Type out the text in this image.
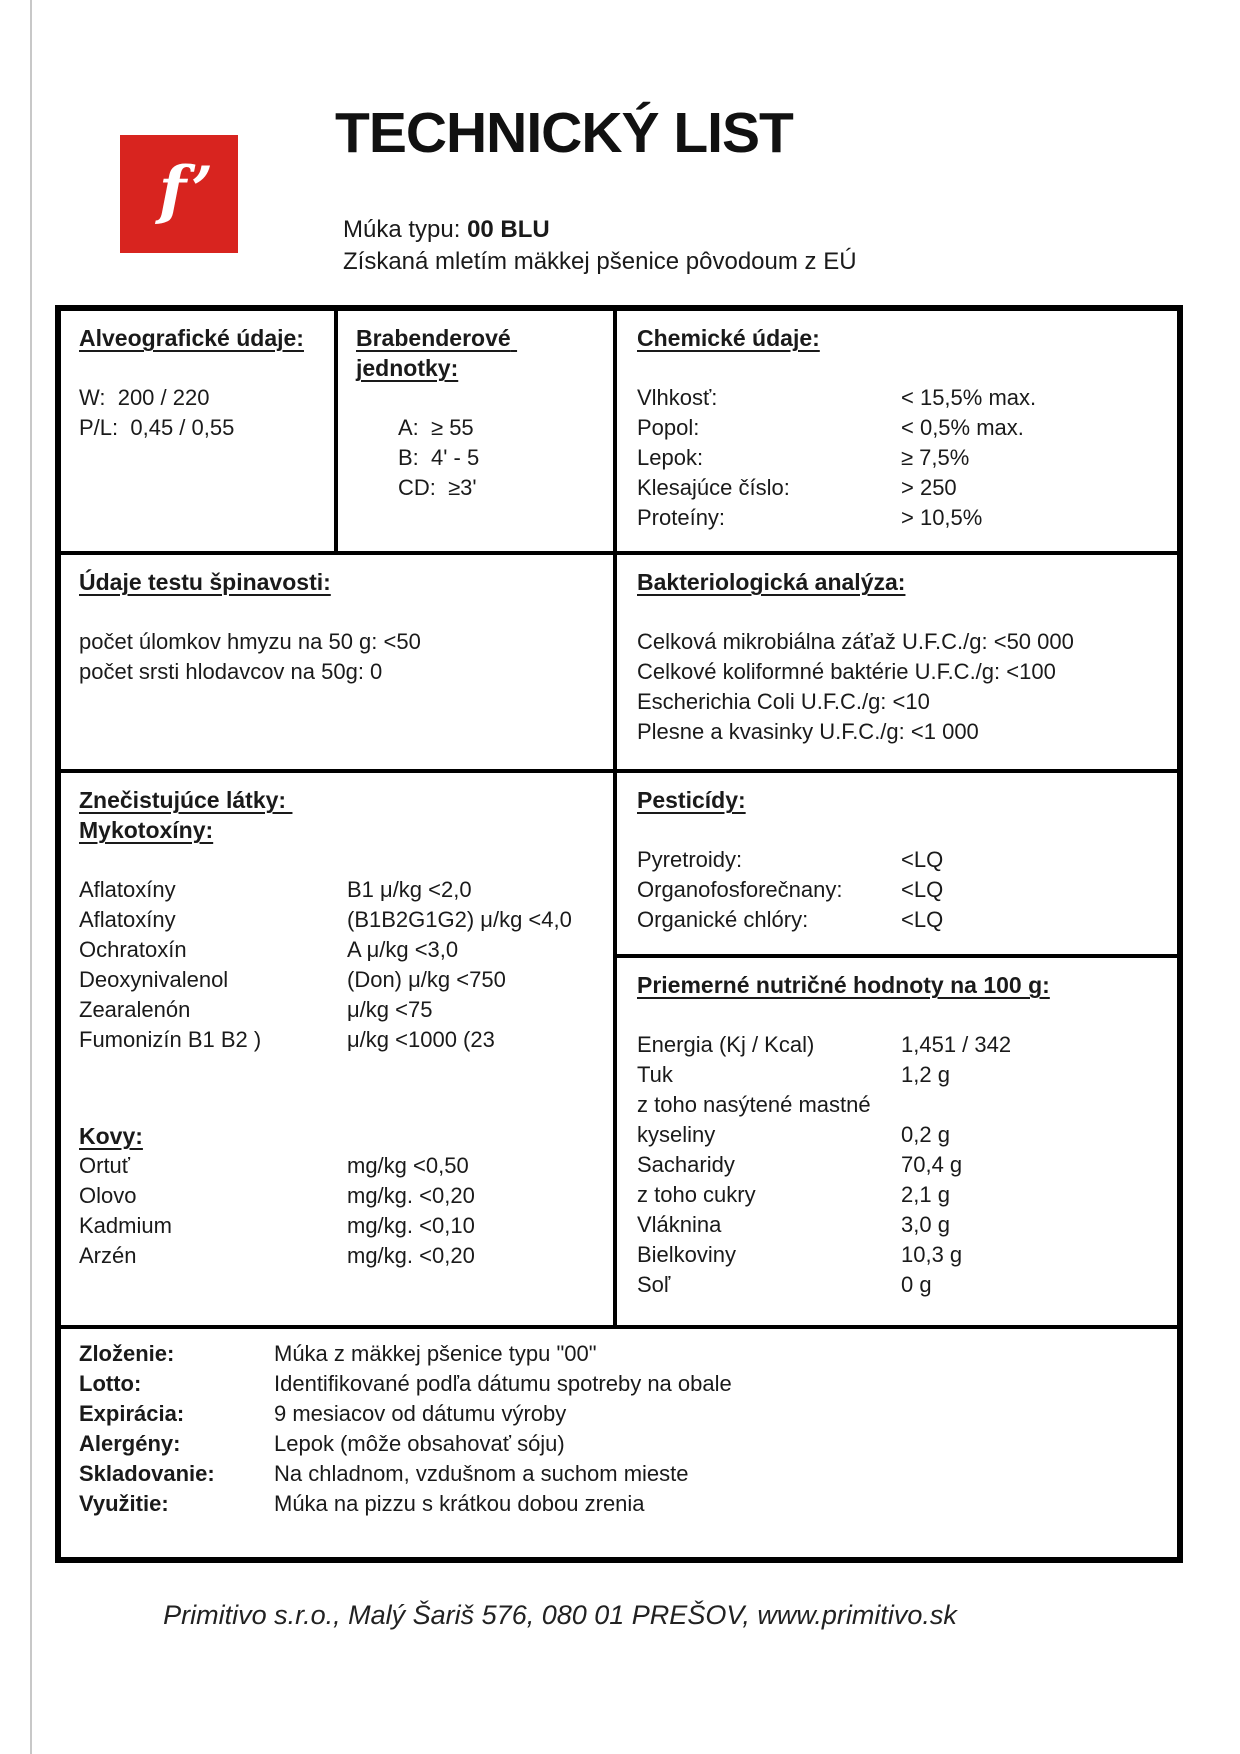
f’
TECHNICKÝ LIST
Múka typu: 00 BLU
Získaná mletím mäkkej pšenice pôvodoum z EÚ
Alveografické údaje:
W:  200 / 220
P/L:  0,45 / 0,55
Brabenderové jednotky:
A:  ≥ 55
B:  4' - 5
CD:  ≥3'
Chemické údaje:
Vlhkosť:	< 15,5% max.
Popol:	< 0,5% max.
Lepok:	≥ 7,5%
Klesajúce číslo:	> 250
Proteíny:	> 10,5%
Údaje testu špinavosti:
počet úlomkov hmyzu na 50 g: <50
počet srsti hlodavcov na 50g: 0
Bakteriologická analýza:
Celková mikrobiálna záťaž U.F.C./g: <50 000
Celkové koliformné baktérie U.F.C./g: <100
Escherichia Coli U.F.C./g: <10
Plesne a kvasinky U.F.C./g: <1 000
Znečistujúce látky:
Mykotoxíny:
Aflatoxíny	B1 μ/kg <2,0
Aflatoxíny	(B1B2G1G2) μ/kg <4,0
Ochratoxín	A μ/kg <3,0
Deoxynivalenol	(Don) μ/kg <750
Zearalenón	μ/kg <75
Fumonizín B1 B2 )	μ/kg <1000 (23
Kovy:
Ortuť	mg/kg <0,50
Olovo	mg/kg. <0,20
Kadmium	mg/kg. <0,10
Arzén	mg/kg. <0,20
Pesticídy:
Pyretroidy:	<LQ
Organofosforečnany:	<LQ
Organické chlóry:	<LQ
Priemerné nutričné hodnoty na 100 g:
Energia (Kj / Kcal)	1,451 / 342
Tuk	1,2 g
z toho nasýtené mastné
kyseliny	0,2 g
Sacharidy	70,4 g
z toho cukry	2,1 g
Vláknina	3,0 g
Bielkoviny	10,3 g
Soľ	0 g
Zloženie:	Múka z mäkkej pšenice typu "00"
Lotto:	Identifikované podľa dátumu spotreby na obale
Expirácia:	9 mesiacov od dátumu výroby
Alergény:	Lepok (môže obsahovať sóju)
Skladovanie:	Na chladnom, vzdušnom a suchom mieste
Využitie:	Múka na pizzu s krátkou dobou zrenia
Primitivo s.r.o., Malý Šariš 576, 080 01 PREŠOV, www.primitivo.sk
